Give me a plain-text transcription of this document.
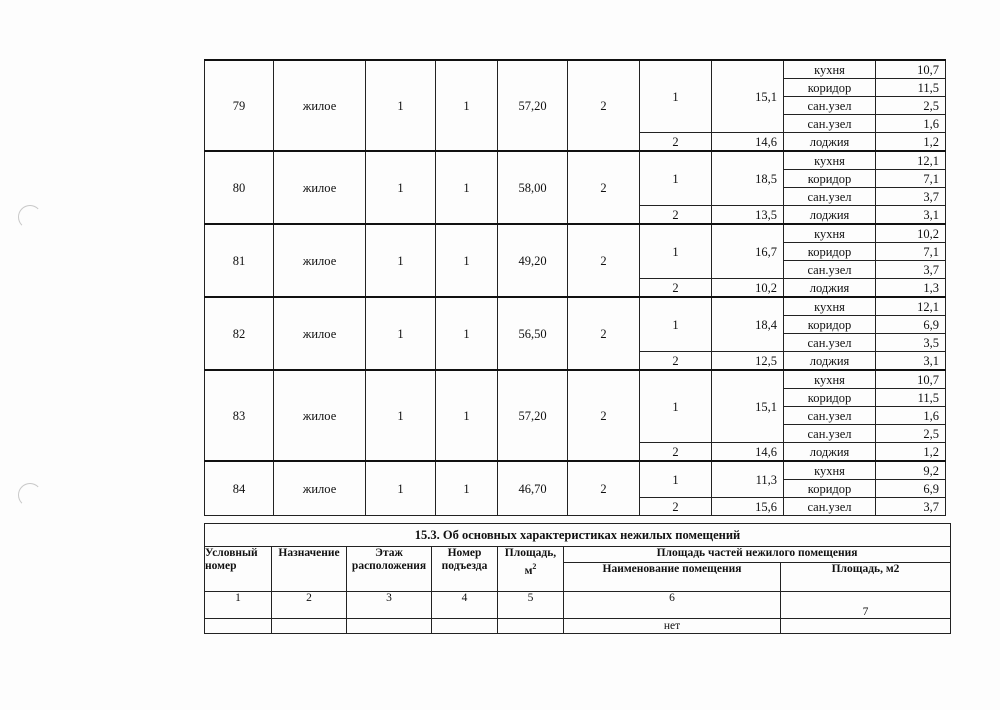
79	жилое	1	1	57,20	2	1	15,1	кухня	10,7
								коридор	11,5
								сан.узел	2,5
								сан.узел	1,6
						2	14,6	лоджия	1,2
80	жилое	1	1	58,00	2	1	18,5	кухня	12,1
								коридор	7,1
								сан.узел	3,7
						2	13,5	лоджия	3,1
81	жилое	1	1	49,20	2	1	16,7	кухня	10,2
								коридор	7,1
								сан.узел	3,7
						2	10,2	лоджия	1,3
82	жилое	1	1	56,50	2	1	18,4	кухня	12,1
								коридор	6,9
								сан.узел	3,5
						2	12,5	лоджия	3,1
83	жилое	1	1	57,20	2	1	15,1	кухня	10,7
								коридор	11,5
								сан.узел	1,6
								сан.узел	2,5
						2	14,6	лоджия	1,2
84	жилое	1	1	46,70	2	1	11,3	кухня	9,2
								коридор	6,9
						2	15,6	сан.узел	3,7
15.3. Об основных характеристиках нежилых помещений						
Условный номер	Назначение	Этаж расположения	Номер подъезда	Площадь, $м^2$	Площадь частей нежилого помещения	
					Наименование помещения	Площадь, м2
1	2	3	4	5	6	7
					нет	
